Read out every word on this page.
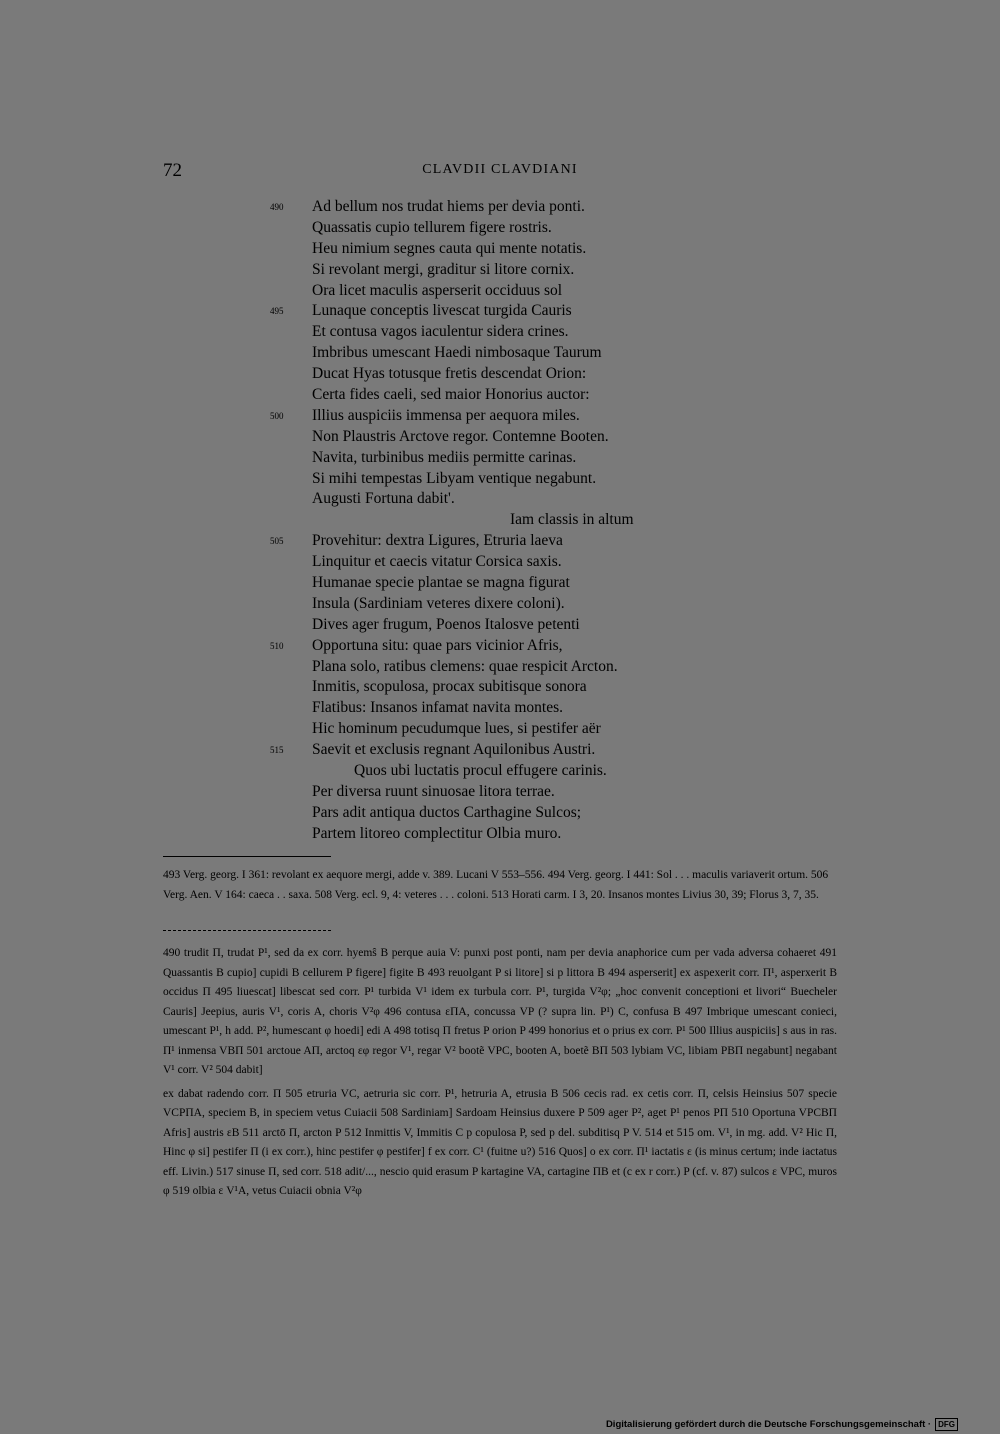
72	CLAVDII CLAVDIANI
490	Ad bellum nos trudat hiems per devia ponti.
Quassatis cupio tellurem figere rostris.
Heu nimium segnes cauta qui mente notatis.
Si revolant mergi, graditur si litore cornix.
Ora licet maculis asperserit occiduus sol
495	Lunaque conceptis livescat turgida Cauris
Et contusa vagos iaculentur sidera crines.
Imbribus umescant Haedi nimbosaque Taurum
Ducat Hyas totusque fretis descendat Orion:
Certa fides caeli, sed maior Honorius auctor:
500	Illius auspiciis immensa per aequora miles.
Non Plaustris Arctove regor. Contemne Booten.
Navita, turbinibus mediis permitte carinas.
Si mihi tempestas Libyam ventique negabunt.
Augusti Fortuna dabit'.
Iam classis in altum
505	Provehitur: dextra Ligures, Etruria laeva
Linquitur et caecis vitatur Corsica saxis.
Humanae specie plantae se magna figurat
Insula (Sardiniam veteres dixere coloni).
Dives ager frugum, Poenos Italosve petenti
510	Opportuna situ: quae pars vicinior Afris,
Plana solo, ratibus clemens: quae respicit Arcton.
Inmitis, scopulosa, procax subitisque sonora
Flatibus: Insanos infamat navita montes.
Hic hominum pecudumque lues, si pestifer aër
515	Saevit et exclusis regnant Aquilonibus Austri.
Quos ubi luctatis procul effugere carinis.
Per diversa ruunt sinuosae litora terrae.
Pars adit antiqua ductos Carthagine Sulcos;
Partem litoreo complectitur Olbia muro.
493 Verg. georg. I 361: revolant ex aequore mergi, adde v. 389. Lucani V 553–556. 494 Verg. georg. I 441: Sol . . . maculis variaverit ortum. 506 Verg. Aen. V 164: caeca . . saxa. 508 Verg. ecl. 9, 4: veteres . . . coloni. 513 Horati carm. I 3, 20. Insanos montes Livius 30, 39; Florus 3, 7, 35.

490 trudit Π, trudat P¹, sed da ex corr. hyemŝ B perque auia V: punxi post ponti, nam per devia anaphorice cum per vada adversa cohaeret 491 Quassantis B cupio] cupidi B cellurem P figere] figite B 493 reuolgant P si litore] si p littora B 494 asperserit] ex aspexerit corr. Π¹, asperxerit B occidus Π 495 liuescat] libescat sed corr. P¹ turbida V¹ idem ex turbula corr. P¹, turgida V²φ; „hoc convenit conceptioni et livori“ Buecheler Cauris] Jeepius, auris V¹, coris A, choris V²φ 496 contusa εΠA, concussa VP (? supra lin. P¹) C, confusa B 497 Imbrique umescant conieci, umescant P¹, h add. P², humescant φ hoedi] edi A 498 totisq Π fretus P orion P 499 honorius et o prius ex corr. P¹ 500 Illius auspiciis] s aus in ras. Π¹ inmensa VBΠ 501 arctoue AΠ, arctoq εφ regor V¹, regar V² bootẽ VPC, booten A, boetẽ BΠ 503 lybiam VC, libiam PBΠ negabunt] negabant V¹ corr. V² 504 dabit]

ex dabat radendo corr. Π 505 etruria VC, aetruria sic corr. P¹, hetruria A, etrusia B 506 cecis rad. ex cetis corr. Π, celsis Heinsius 507 specie VCPΠA, speciem B, in speciem vetus Cuiacii 508 Sardiniam] Sardoam Heinsius duxere P 509 ager P², aget P¹ penos PΠ 510 Oportuna VPCBΠ Afris] austris εB 511 arctō Π, arcton P 512 Inmittis V, Immitis C p copulosa P, sed p del. subditisq P V. 514 et 515 om. V¹, in mg. add. V² Hic Π, Hinc φ si] pestifer Π (i ex corr.), hinc pestifer φ pestifer] f ex corr. C¹ (fuitne u?) 516 Quos] o ex corr. Π¹ iactatis ε (is minus certum; inde iactatus eff. Livin.) 517 sinuse Π, sed corr. 518 adit/..., nescio quid erasum P kartagine VA, cartagine ΠB et (c ex r corr.) P (cf. v. 87) sulcos ε VPC, muros φ 519 olbia ε V¹A, vetus Cuiacii obnia V²φ

Digitalisierung gefördert durch die Deutsche Forschungsgemeinschaft · DFG
